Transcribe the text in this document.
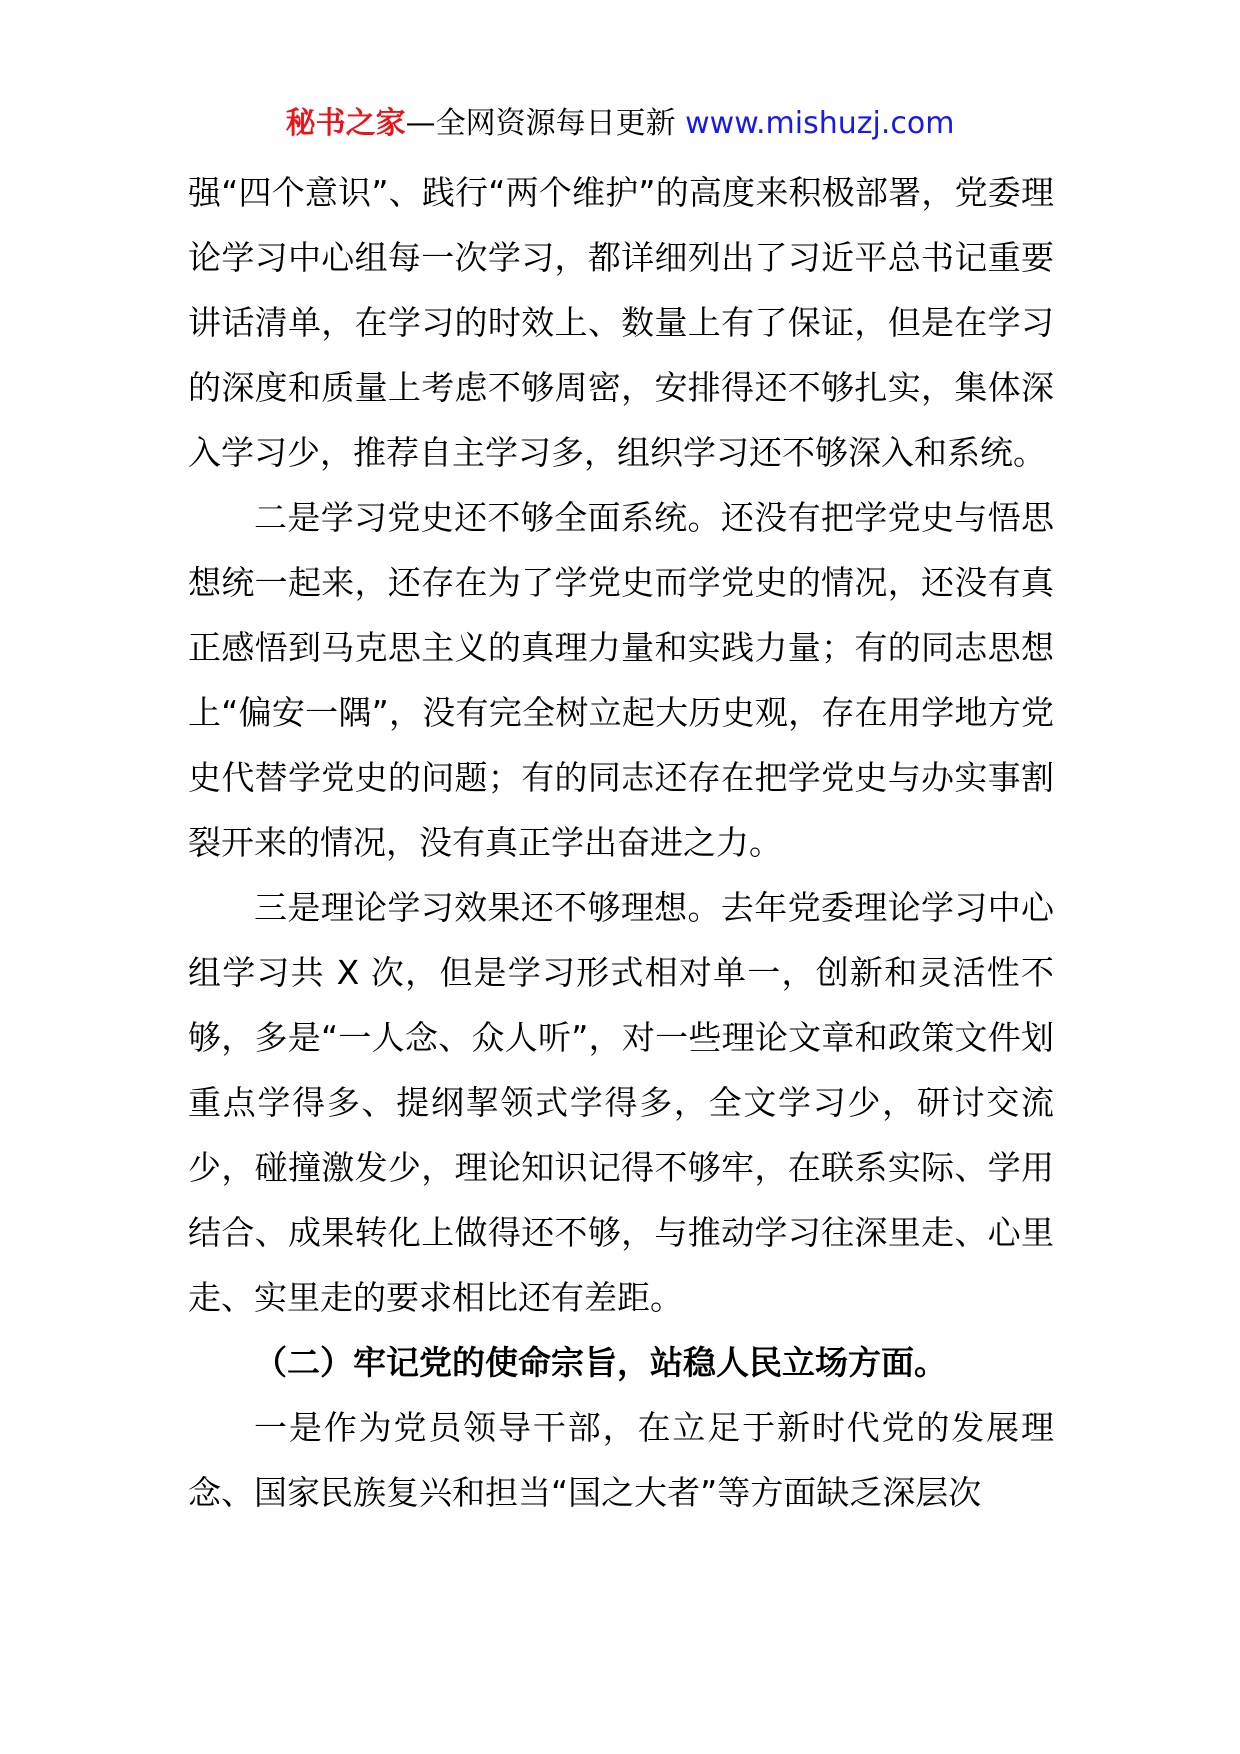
秘书之家—全网资源每日更新 www.mishuzj.com

强“四个意识”、践行“两个维护”的高度来积极部署，党委理论学习中心组每一次学习，都详细列出了习近平总书记重要讲话清单，在学习的时效上、数量上有了保证，但是在学习的深度和质量上考虑不够周密，安排得还不够扎实，集体深入学习少，推荐自主学习多，组织学习还不够深入和系统。

二是学习党史还不够全面系统。还没有把学党史与悟思想统一起来，还存在为了学党史而学党史的情况，还没有真正感悟到马克思主义的真理力量和实践力量；有的同志思想上“偏安一隅”，没有完全树立起大历史观，存在用学地方党史代替学党史的问题；有的同志还存在把学党史与办实事割裂开来的情况，没有真正学出奋进之力。

三是理论学习效果还不够理想。去年党委理论学习中心组学习共 X 次，但是学习形式相对单一，创新和灵活性不够，多是“一人念、众人听”，对一些理论文章和政策文件划重点学得多、提纲挈领式学得多，全文学习少，研讨交流少，碰撞激发少，理论知识记得不够牢，在联系实际、学用结合、成果转化上做得还不够，与推动学习往深里走、心里走、实里走的要求相比还有差距。

（二）牢记党的使命宗旨，站稳人民立场方面。

一是作为党员领导干部，在立足于新时代党的发展理念、国家民族复兴和担当“国之大者”等方面缺乏深层次
